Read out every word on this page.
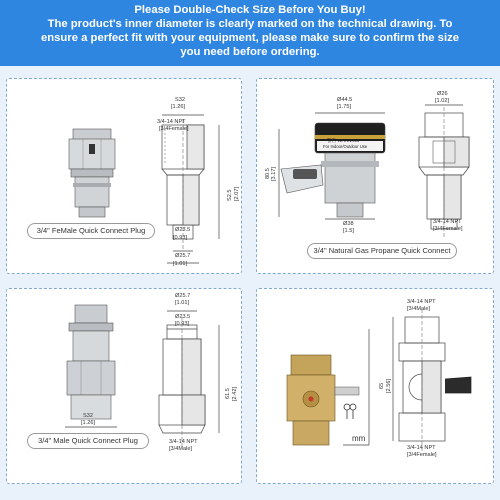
Please Double-Check Size Before You Buy!
The product's inner diameter is clearly marked on the technical drawing. To
ensure a perfect fit with your equipment, please make sure to confirm the size
you need before ordering.
S32
[1.26]
3/4-14 NPT
[3/4Female]
S2.5 [2.07]
Ø23.5
[0.93]
Ø25.7
[1.01]
3/4" FeMale Quick Connect Plug
Ø44.5
[1.75]
Ø26
[1.02]
警告 WARNING
For Indoor/Outdoor Use
80.5 [3.17]
Ø38
[1.5]
3/4-14 NPT
[3/4Female]
3/4" Natural Gas Propane Quick Connect
Ø25.7
[1.01]
Ø23.5
[0.93]
61.5 [2.42]
S32
[1.26]
3/4-14 NPT
[3/4Male]
3/4" Male Quick Connect Plug
3/4-14 NPT
[3/4Male]
65 [2.56]
mm
3/4-14 NPT
[3/4Female]
